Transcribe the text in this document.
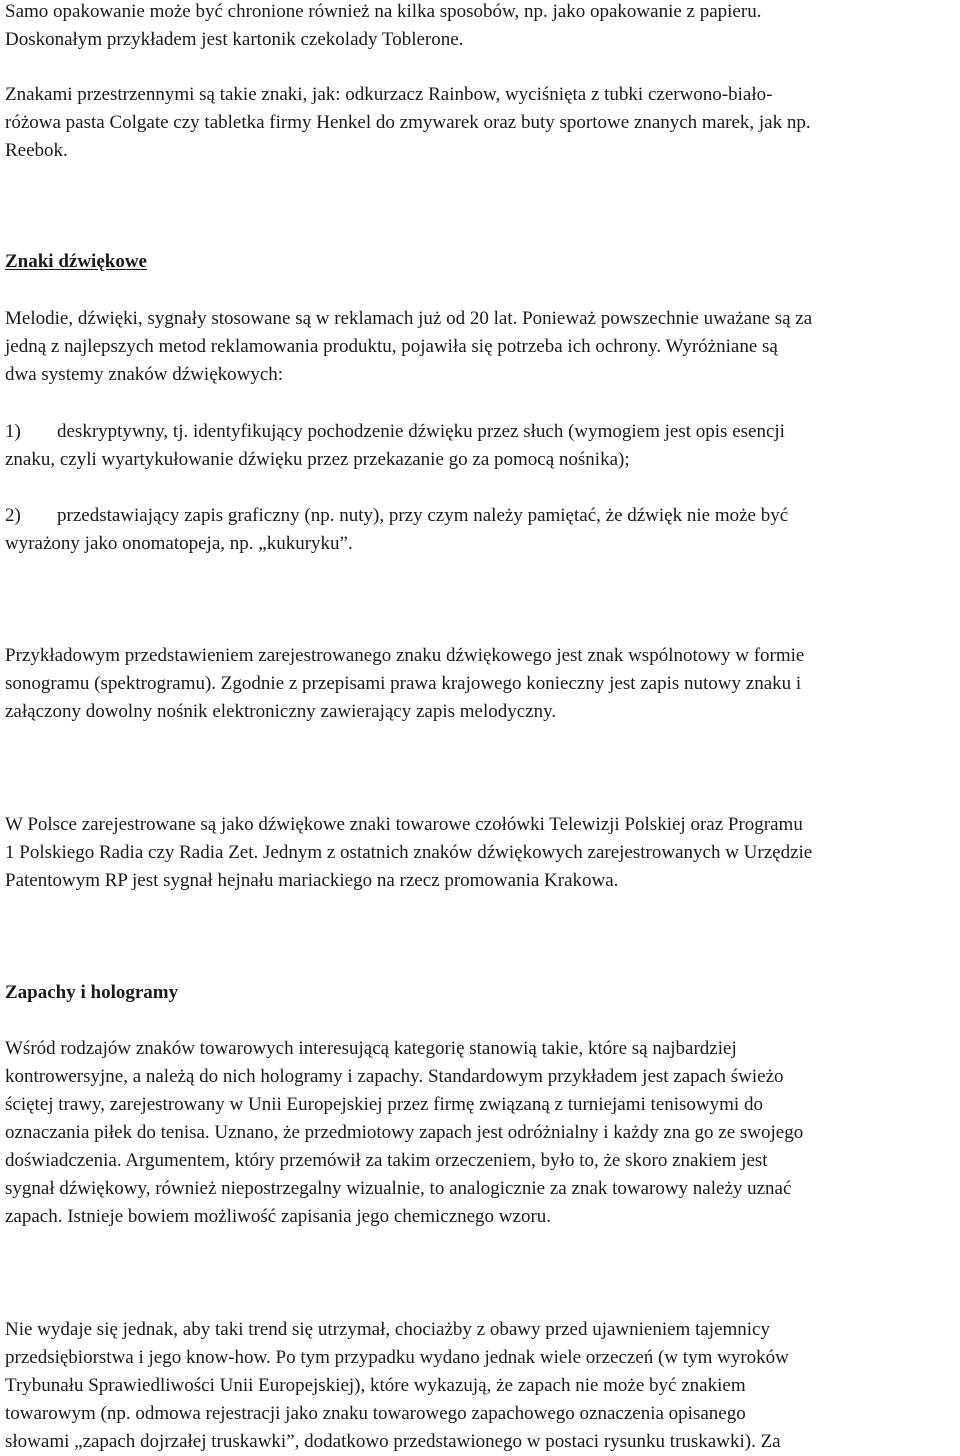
Samo opakowanie może być chronione również na kilka sposobów, np. jako opakowanie z papieru.
Doskonałym przykładem jest kartonik czekolady Toblerone.
Znakami przestrzennymi są takie znaki, jak: odkurzacz Rainbow, wyciśnięta z tubki czerwono-biało-
różowa pasta Colgate czy tabletka firmy Henkel do zmywarek oraz buty sportowe znanych marek, jak np.
Reebok.
Znaki dźwiękowe
Melodie, dźwięki, sygnały stosowane są w reklamach już od 20 lat. Ponieważ powszechnie uważane są za
jedną z najlepszych metod reklamowania produktu, pojawiła się potrzeba ich ochrony. Wyróżniane są
dwa systemy znaków dźwiękowych:
1) deskryptywny, tj. identyfikujący pochodzenie dźwięku przez słuch (wymogiem jest opis esencji
znaku, czyli wyartykułowanie dźwięku przez przekazanie go za pomocą nośnika);
2) przedstawiający zapis graficzny (np. nuty), przy czym należy pamiętać, że dźwięk nie może być
wyrażony jako onomatopeja, np. „kukuryku”.
Przykładowym przedstawieniem zarejestrowanego znaku dźwiękowego jest znak wspólnotowy w formie
sonogramu (spektrogramu). Zgodnie z przepisami prawa krajowego konieczny jest zapis nutowy znaku i
załączony dowolny nośnik elektroniczny zawierający zapis melodyczny.
W Polsce zarejestrowane są jako dźwiękowe znaki towarowe czołówki Telewizji Polskiej oraz Programu
1 Polskiego Radia czy Radia Zet. Jednym z ostatnich znaków dźwiękowych zarejestrowanych w Urzędzie
Patentowym RP jest sygnał hejnału mariackiego na rzecz promowania Krakowa.
Zapachy i hologramy
Wśród rodzajów znaków towarowych interesującą kategorię stanowią takie, które są najbardziej
kontrowersyjne, a należą do nich hologramy i zapachy. Standardowym przykładem jest zapach świeżo
ściętej trawy, zarejestrowany w Unii Europejskiej przez firmę związaną z turniejami tenisowymi do
oznaczania piłek do tenisa. Uznano, że przedmiotowy zapach jest odróżnialny i każdy zna go ze swojego
doświadczenia. Argumentem, który przemówił za takim orzeczeniem, było to, że skoro znakiem jest
sygnał dźwiękowy, również niepostrzegalny wizualnie, to analogicznie za znak towarowy należy uznać
zapach. Istnieje bowiem możliwość zapisania jego chemicznego wzoru.
Nie wydaje się jednak, aby taki trend się utrzymał, chociażby z obawy przed ujawnieniem tajemnicy
przedsiębiorstwa i jego know-how. Po tym przypadku wydano jednak wiele orzeczeń (w tym wyroków
Trybunału Sprawiedliwości Unii Europejskiej), które wykazują, że zapach nie może być znakiem
towarowym (np. odmowa rejestracji jako znaku towarowego zapachowego oznaczenia opisanego
słowami „zapach dojrzałej truskawki”, dodatkowo przedstawionego w postaci rysunku truskawki). Za
